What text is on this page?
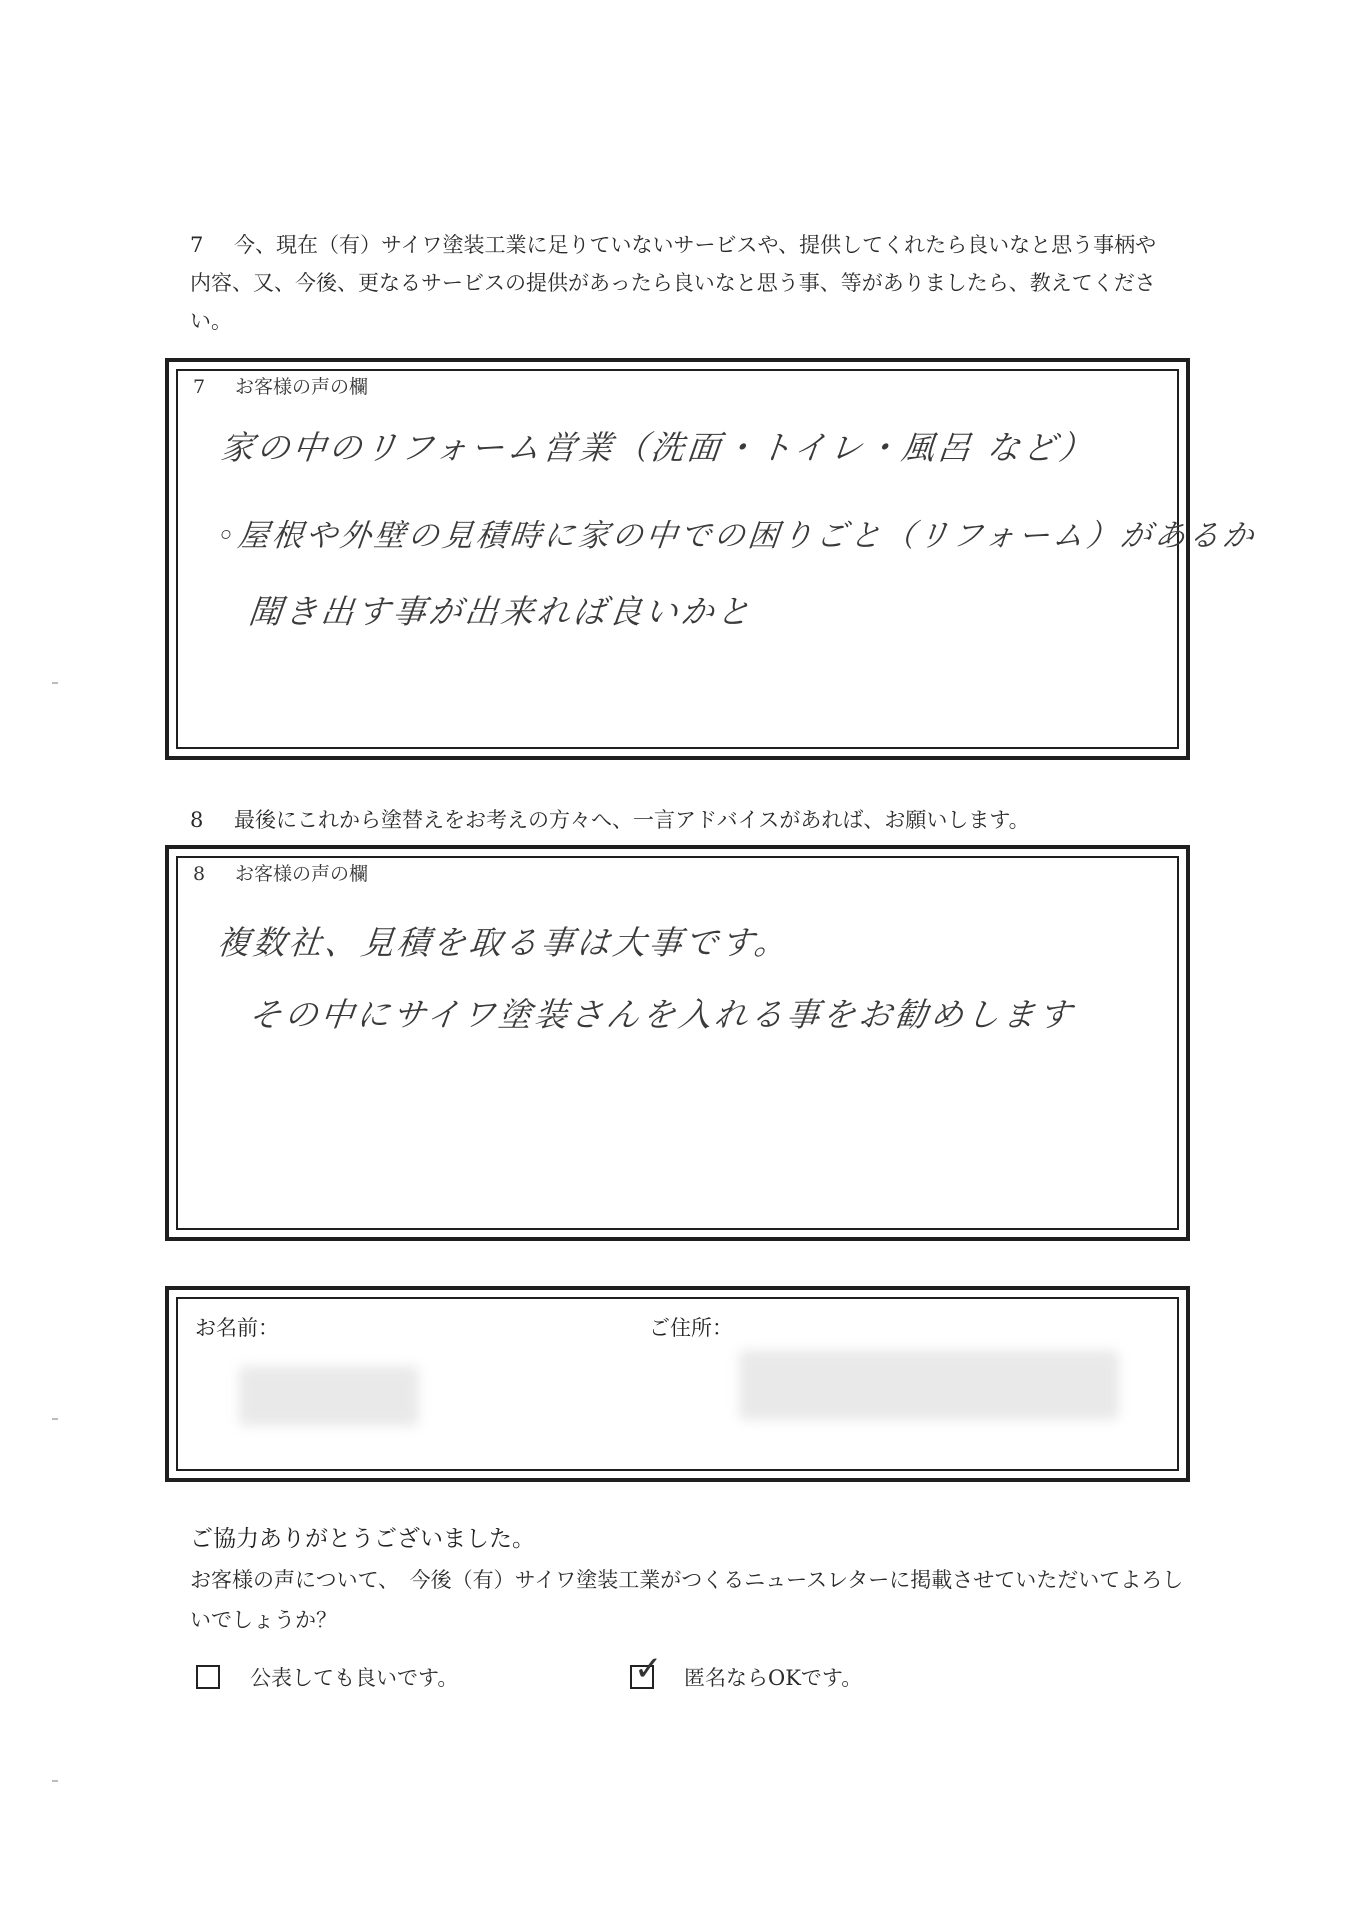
7 今、現在（有）サイワ塗装工業に足りていないサービスや、提供してくれたら良いなと思う事柄や内容、又、今後、更なるサービスの提供があったら良いなと思う事、等がありましたら、教えてください。
7 お客様の声の欄
家の中のリフォーム営業（洗面・トイレ・風呂 など）
◦屋根や外壁の見積時に家の中での困りごと（リフォーム）があるか
聞き出す事が出来れば良いかと
8 最後にこれから塗替えをお考えの方々へ、一言アドバイスがあれば、お願いします。
8 お客様の声の欄
複数社、見積を取る事は大事です。
その中にサイワ塗装さんを入れる事をお勧めします
お名前：	ご住所：
ご協力ありがとうございました。
お客様の声について、　今後（有）サイワ塗装工業がつくるニュースレターに掲載させていただいてよろしいでしょうか？
公表しても良いです。	✓ 匿名ならOKです。
